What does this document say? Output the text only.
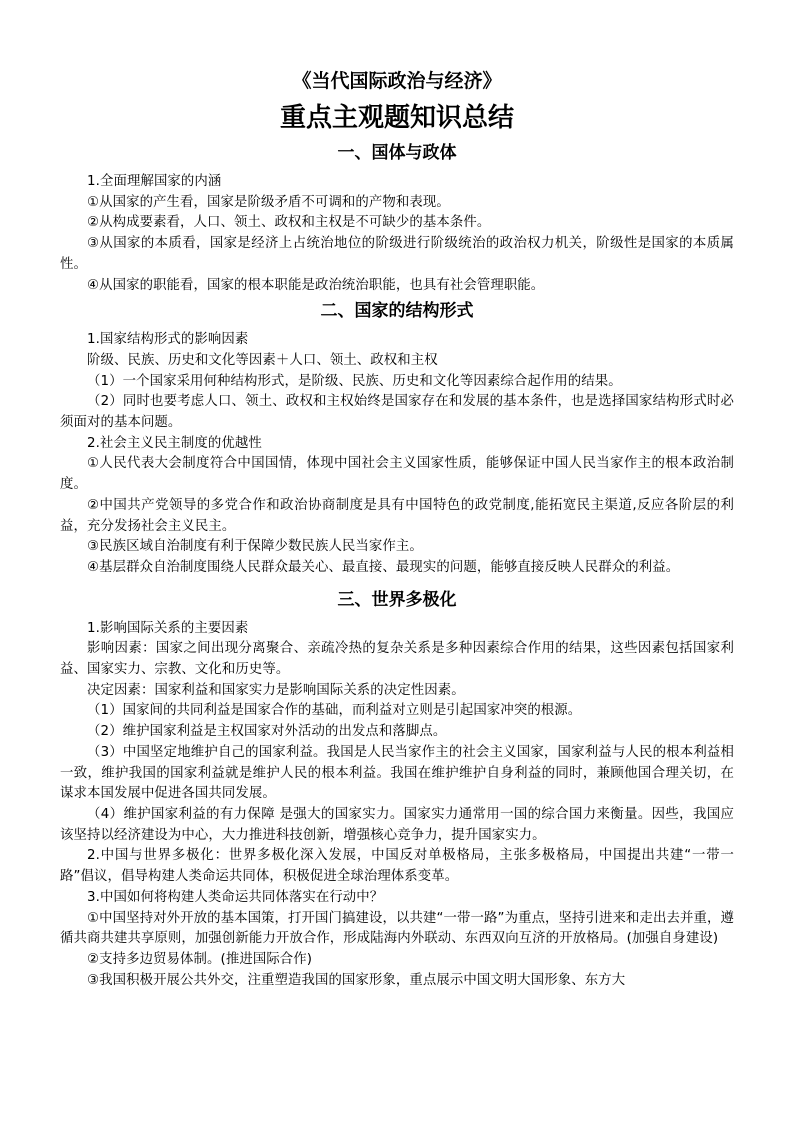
《当代国际政治与经济》
重点主观题知识总结
一、国体与政体

1.全面理解国家的内涵

①从国家的产生看，国家是阶级矛盾不可调和的产物和表现。

②从构成要素看，人口、领土、政权和主权是不可缺少的基本条件。

③从国家的本质看，国家是经济上占统治地位的阶级进行阶级统治的政治权力机关，阶级性是国家的本质属性。

④从国家的职能看，国家的根本职能是政治统治职能，也具有社会管理职能。

二、国家的结构形式

1.国家结构形式的影响因素

阶级、民族、历史和文化等因素＋人口、领土、政权和主权

（1）一个国家采用何种结构形式，是阶级、民族、历史和文化等因素综合起作用的结果。

（2）同时也要考虑人口、领土、政权和主权始终是国家存在和发展的基本条件，也是选择国家结构形式时必须面对的基本问题。

2.社会主义民主制度的优越性

①人民代表大会制度符合中国国情，体现中国社会主义国家性质，能够保证中国人民当家作主的根本政治制度。

②中国共产党领导的多党合作和政治协商制度是具有中国特色的政党制度,能拓宽民主渠道,反应各阶层的利益，充分发扬社会主义民主。

③民族区域自治制度有利于保障少数民族人民当家作主。

④基层群众自治制度围绕人民群众最关心、最直接、最现实的问题，能够直接反映人民群众的利益。

三、世界多极化

1.影响国际关系的主要因素

影响因素：国家之间出现分离聚合、亲疏冷热的复杂关系是多种因素综合作用的结果，这些因素包括国家利益、国家实力、宗教、文化和历史等。

决定因素：国家利益和国家实力是影响国际关系的决定性因素。

（1）国家间的共同利益是国家合作的基础，而利益对立则是引起国家冲突的根源。

（2）维护国家利益是主权国家对外活动的出发点和落脚点。

（3）中国坚定地维护自己的国家利益。我国是人民当家作主的社会主义国家，国家利益与人民的根本利益相一致，维护我国的国家利益就是维护人民的根本利益。我国在维护维护自身利益的同时，兼顾他国合理关切，在谋求本国发展中促进各国共同发展。

（4）维护国家利益的有力保障 是强大的国家实力。国家实力通常用一国的综合国力来衡量。因些，我国应该坚持以经济建设为中心，大力推进科技创新，增强核心竞争力，提升国家实力。

2.中国与世界多极化：世界多极化深入发展，中国反对单极格局，主张多极格局，中国提出共建“一带一路”倡议，倡导构建人类命运共同体，积极促进全球治理体系变革。

3.中国如何将构建人类命运共同体落实在行动中？

①中国坚持对外开放的基本国策，打开国门搞建设，以共建“一带一路”为重点，坚持引进来和走出去并重，遵循共商共建共享原则，加强创新能力开放合作，形成陆海内外联动、东西双向互济的开放格局。(加强自身建设)

②支持多边贸易体制。(推进国际合作)

③我国积极开展公共外交，注重塑造我国的国家形象，重点展示中国文明大国形象、东方大
